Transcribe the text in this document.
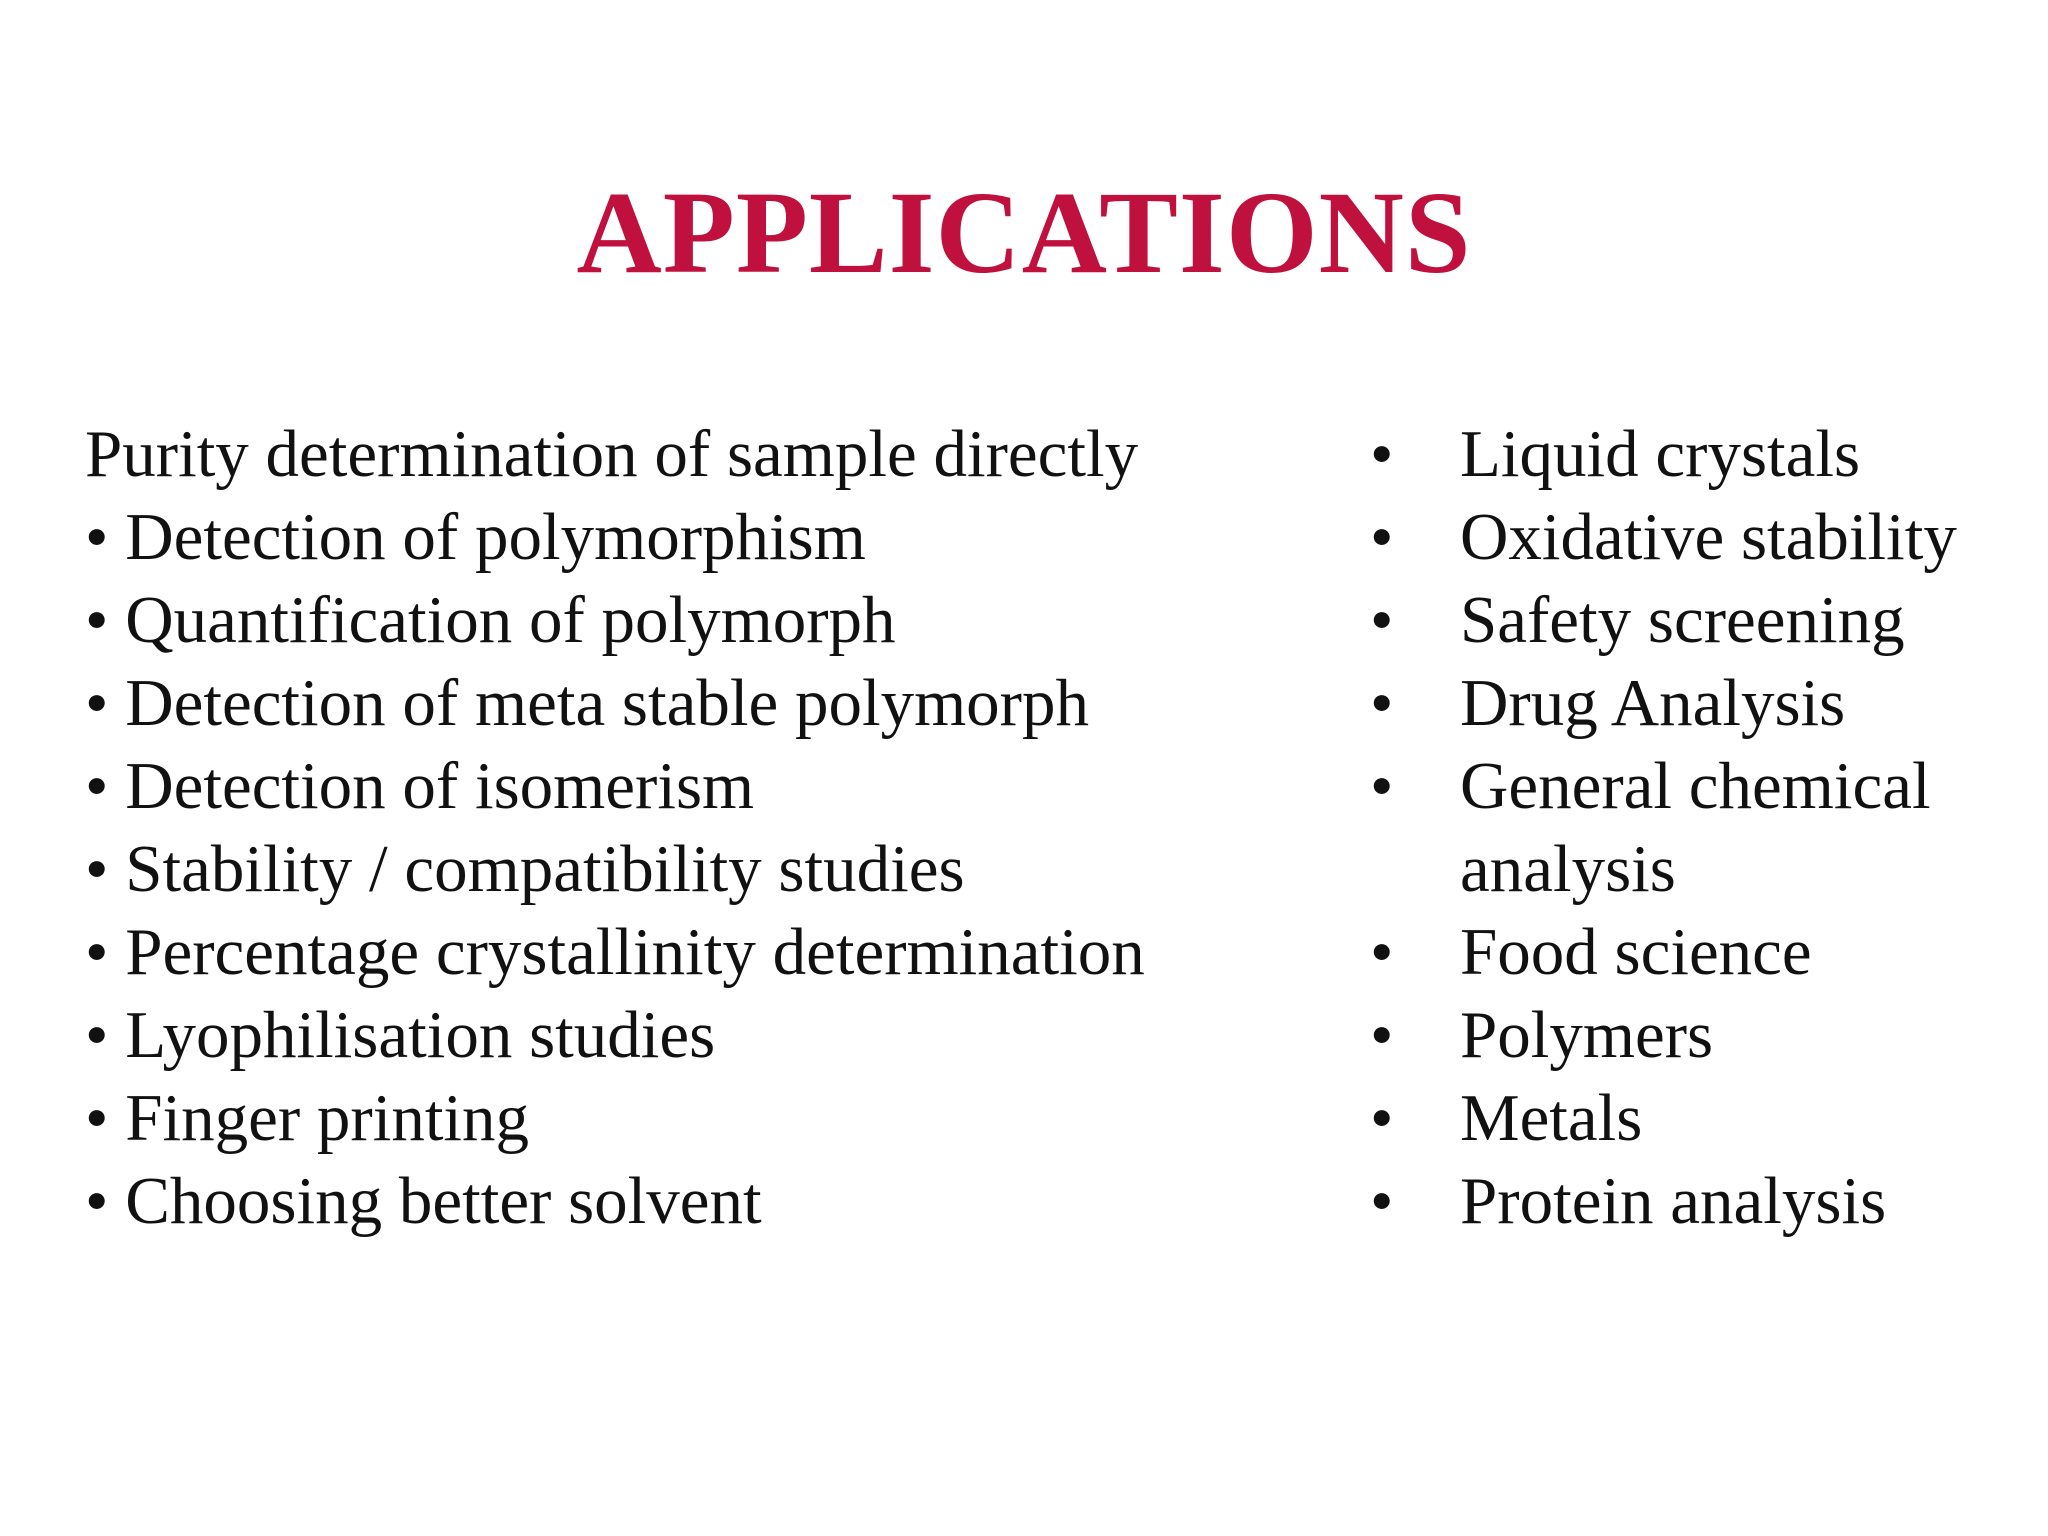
APPLICATIONS
Purity determination of sample directly
• Detection of polymorphism
• Quantification of polymorph
• Detection of meta stable polymorph
• Detection of isomerism
• Stability / compatibility studies
• Percentage crystallinity determination
• Lyophilisation studies
• Finger printing
• Choosing better solvent
• Liquid crystals
• Oxidative stability
• Safety screening
• Drug Analysis
• General chemical analysis
• Food science
• Polymers
• Metals
• Protein analysis
